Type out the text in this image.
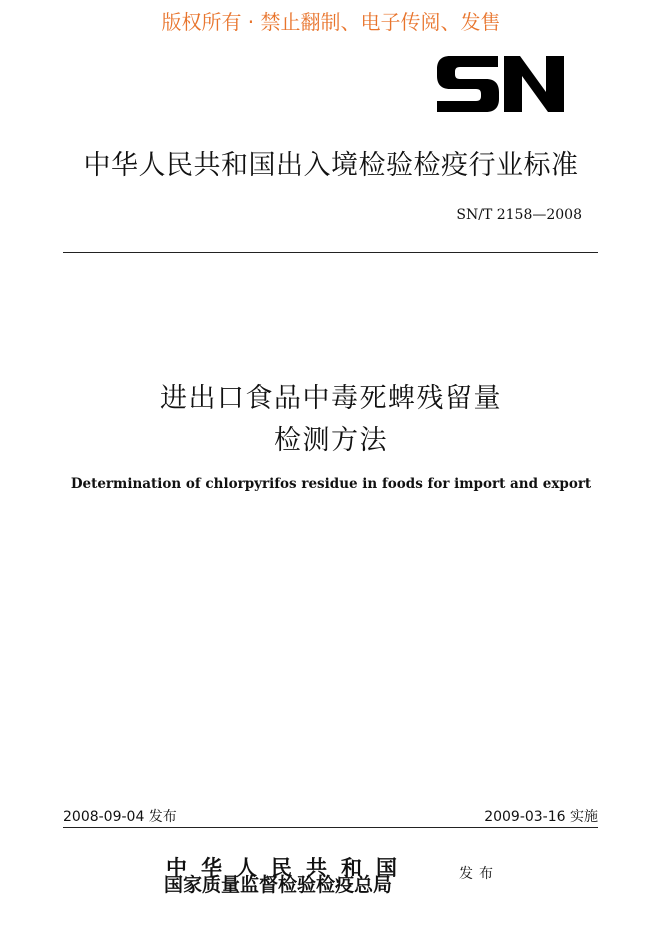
版权所有 · 禁止翻制、电子传阅、发售
中华人民共和国出入境检验检疫行业标准
SN/T 2158—2008
进出口食品中毒死蜱残留量
检测方法
Determination of chlorpyrifos residue in foods for import and export
2008-09-04 发布	2009-03-16 实施
中华人民共和国
国家质量监督检验检疫总局	发布
